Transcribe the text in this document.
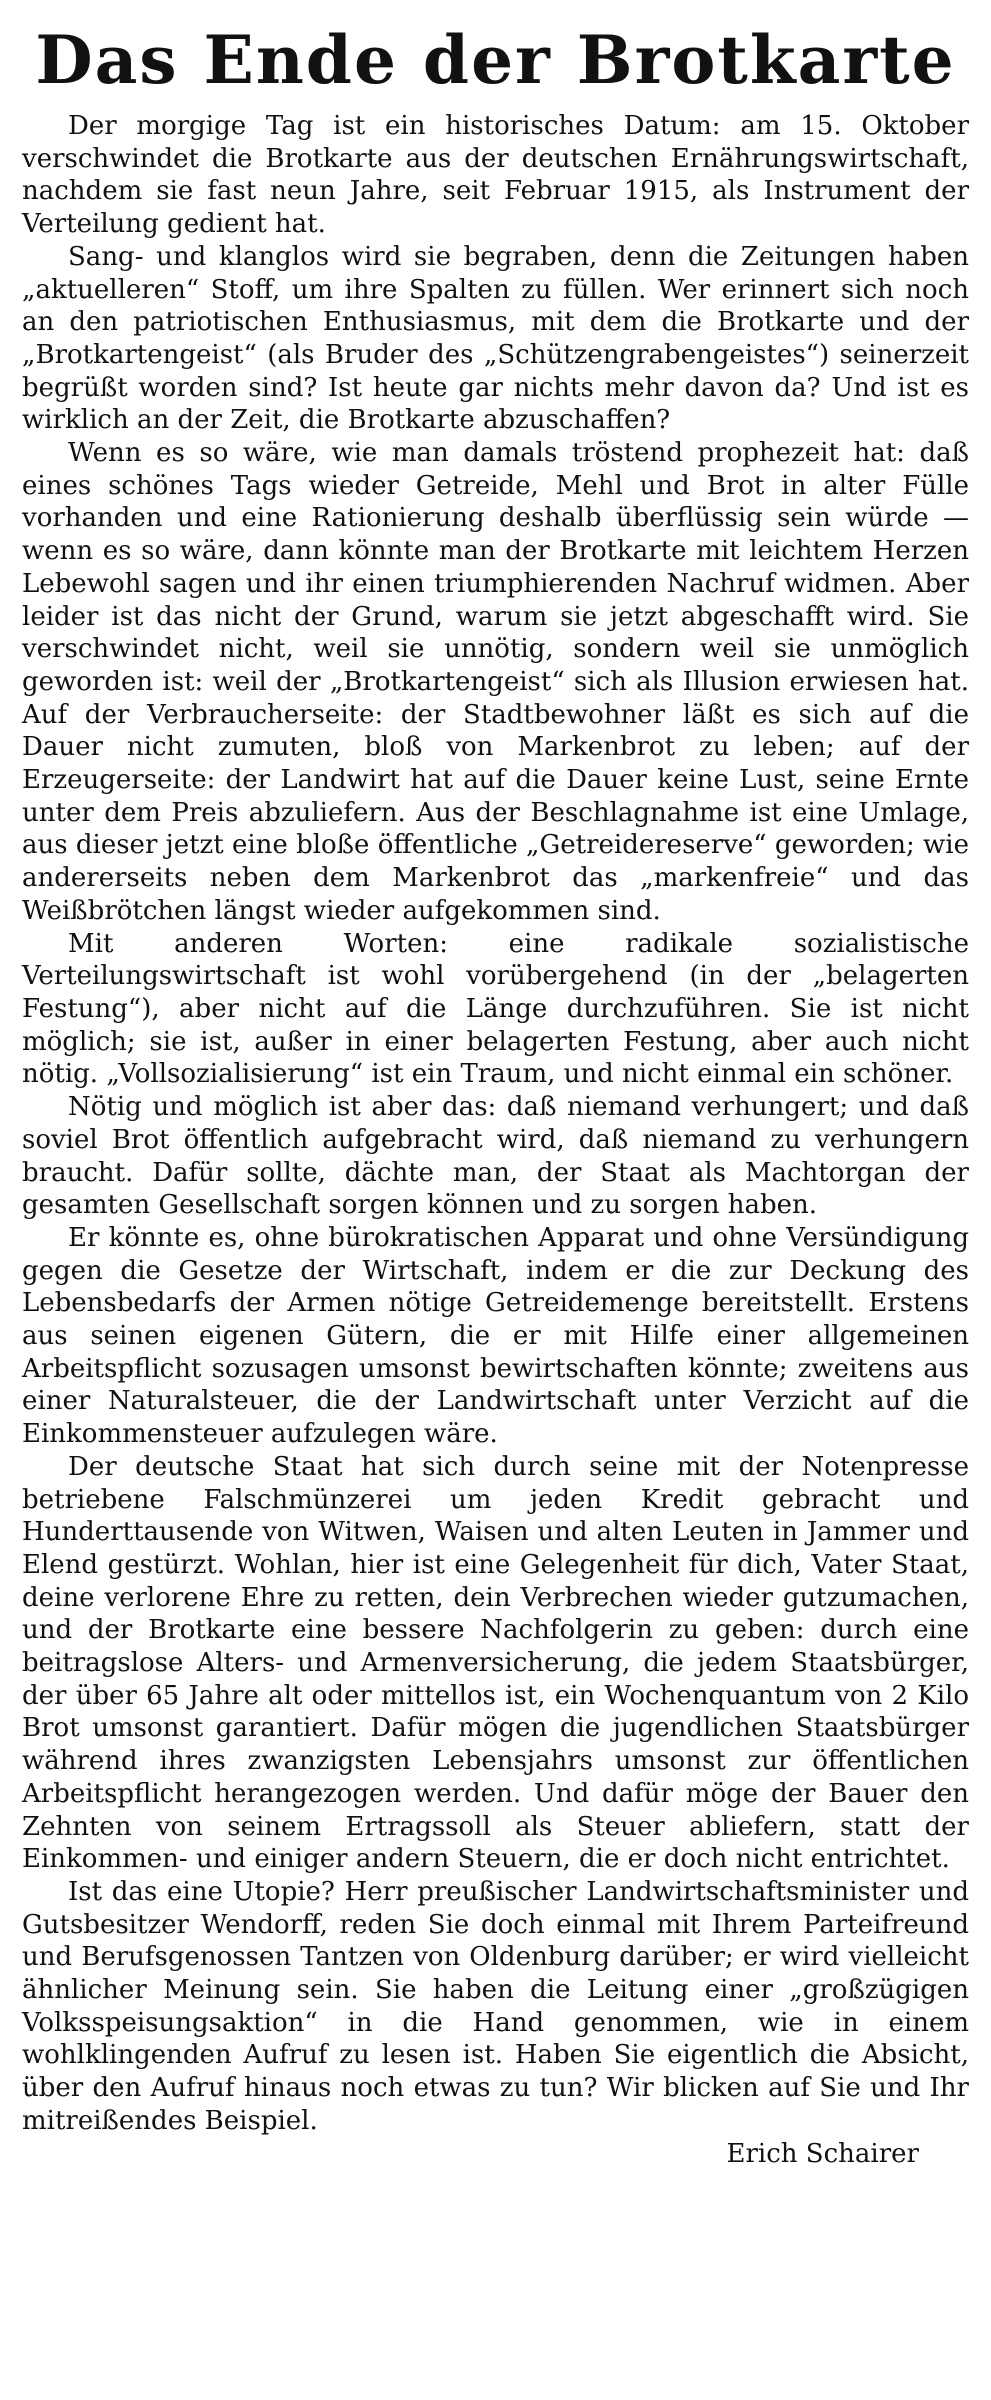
Das Ende der Brotkarte

Der morgige Tag ist ein historisches Datum: am 15. Oktober verschwindet die Brotkarte aus der deutschen Ernährungswirtschaft, nachdem sie fast neun Jahre, seit Februar 1915, als Instrument der Verteilung gedient hat.

Sang- und klanglos wird sie begraben, denn die Zeitungen haben „aktuelleren“ Stoff, um ihre Spalten zu füllen. Wer erinnert sich noch an den patriotischen Enthusiasmus, mit dem die Brotkarte und der „Brotkartengeist“ (als Bruder des „Schützengrabengeistes“) seinerzeit begrüßt worden sind? Ist heute gar nichts mehr davon da? Und ist es wirklich an der Zeit, die Brotkarte abzuschaffen?

Wenn es so wäre, wie man damals tröstend prophezeit hat: daß eines schönes Tags wieder Getreide, Mehl und Brot in alter Fülle vorhanden und eine Rationierung deshalb überflüssig sein würde — wenn es so wäre, dann könnte man der Brotkarte mit leichtem Herzen Lebewohl sagen und ihr einen triumphierenden Nachruf widmen. Aber leider ist das nicht der Grund, warum sie jetzt abgeschafft wird. Sie verschwindet nicht, weil sie unnötig, sondern weil sie unmöglich geworden ist: weil der „Brotkartengeist“ sich als Illusion erwiesen hat. Auf der Verbraucherseite: der Stadtbewohner läßt es sich auf die Dauer nicht zumuten, bloß von Markenbrot zu leben; auf der Erzeugerseite: der Landwirt hat auf die Dauer keine Lust, seine Ernte unter dem Preis abzuliefern. Aus der Beschlagnahme ist eine Umlage, aus dieser jetzt eine bloße öffentliche „Getreidereserve“ geworden; wie andererseits neben dem Markenbrot das „markenfreie“ und das Weißbrötchen längst wieder aufgekommen sind.

Mit anderen Worten: eine radikale sozialistische Verteilungswirtschaft ist wohl vorübergehend (in der „belagerten Festung“), aber nicht auf die Länge durchzuführen. Sie ist nicht möglich; sie ist, außer in einer belagerten Festung, aber auch nicht nötig. „Vollsozialisierung“ ist ein Traum, und nicht einmal ein schöner.

Nötig und möglich ist aber das: daß niemand verhungert; und daß soviel Brot öffentlich aufgebracht wird, daß niemand zu verhungern braucht. Dafür sollte, dächte man, der Staat als Machtorgan der gesamten Gesellschaft sorgen können und zu sorgen haben.

Er könnte es, ohne bürokratischen Apparat und ohne Versündigung gegen die Gesetze der Wirtschaft, indem er die zur Deckung des Lebensbedarfs der Armen nötige Getreidemenge bereitstellt. Erstens aus seinen eigenen Gütern, die er mit Hilfe einer allgemeinen Arbeitspflicht sozusagen umsonst bewirtschaften könnte; zweitens aus einer Naturalsteuer, die der Landwirtschaft unter Verzicht auf die Einkommensteuer aufzulegen wäre.

Der deutsche Staat hat sich durch seine mit der Notenpresse betriebene Falschmünzerei um jeden Kredit gebracht und Hunderttausende von Witwen, Waisen und alten Leuten in Jammer und Elend gestürzt. Wohlan, hier ist eine Gelegenheit für dich, Vater Staat, deine verlorene Ehre zu retten, dein Verbrechen wieder gutzumachen, und der Brotkarte eine bessere Nachfolgerin zu geben: durch eine beitragslose Alters- und Armenversicherung, die jedem Staatsbürger, der über 65 Jahre alt oder mittellos ist, ein Wochenquantum von 2 Kilo Brot umsonst garantiert. Dafür mögen die jugendlichen Staatsbürger während ihres zwanzigsten Lebensjahrs umsonst zur öffentlichen Arbeitspflicht herangezogen werden. Und dafür möge der Bauer den Zehnten von seinem Ertragssoll als Steuer abliefern, statt der Einkommen- und einiger andern Steuern, die er doch nicht entrichtet.

Ist das eine Utopie? Herr preußischer Landwirtschaftsminister und Gutsbesitzer Wendorff, reden Sie doch einmal mit Ihrem Parteifreund und Berufsgenossen Tantzen von Oldenburg darüber; er wird vielleicht ähnlicher Meinung sein. Sie haben die Leitung einer „großzügigen Volksspeisungsaktion“ in die Hand genommen, wie in einem wohlklingenden Aufruf zu lesen ist. Haben Sie eigentlich die Absicht, über den Aufruf hinaus noch etwas zu tun? Wir blicken auf Sie und Ihr mitreißendes Beispiel.

Erich Schairer
